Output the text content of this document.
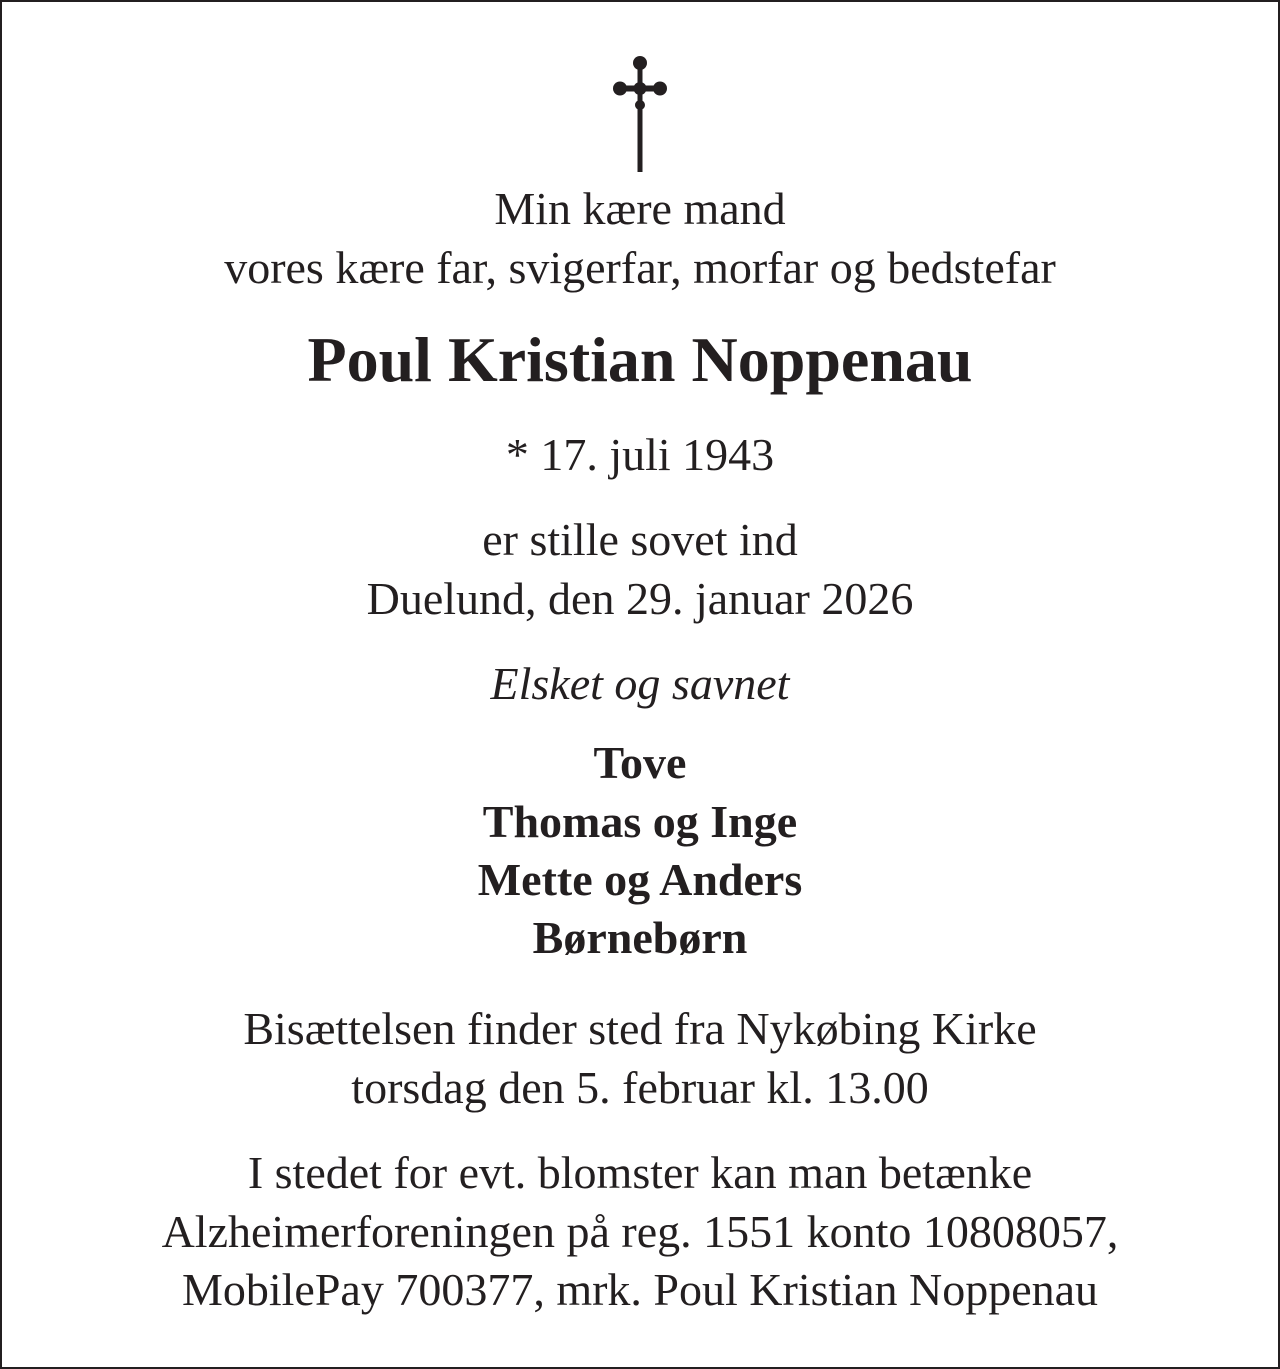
Min kære mand
vores kære far, svigerfar, morfar og bedstefar
Poul Kristian Noppenau
* 17. juli 1943
er stille sovet ind
Duelund, den 29. januar 2026
Elsket og savnet
Tove
Thomas og Inge
Mette og Anders
Børnebørn
Bisættelsen finder sted fra Nykøbing Kirke
torsdag den 5. februar kl. 13.00
I stedet for evt. blomster kan man betænke
Alzheimerforeningen på reg. 1551 konto 10808057,
MobilePay 700377, mrk. Poul Kristian Noppenau
